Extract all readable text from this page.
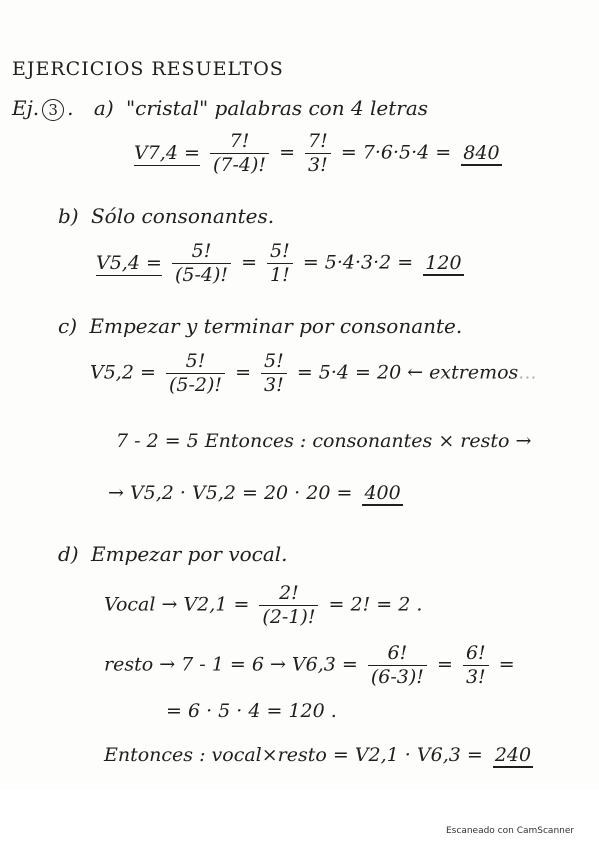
EJERCICIOS RESUELTOS
Ej. 3 . a) "cristal" palabras con 4 letras
$V7,4 = \frac{7!}{(7-4)!} = \frac{7!}{3!} = 7\cdot 6\cdot 5\cdot 4 = 840$
b) Sólo consonantes.
$V5,4 = \frac{5!}{(5-4)!} = \frac{5!}{1!} = 5\cdot 4\cdot 3\cdot 2 = 120$
c) Empezar y terminar por consonante.
$V5,2 = \frac{5!}{(5-2)!} = \frac{5!}{3!} = 5\cdot 4 = 20$ ← extremos...
7 - 2 = 5 Entonces : consonantes × resto →
→ V5,2 · V5,2 = 20 · 20 = 400
d) Empezar por vocal.
Vocal → $V2,1 = \frac{2!}{(2-1)!} = 2$! = 2 .
resto → $7 - 1 = 6 \to V6,3 = \frac{6!}{(6-3)!} = \frac{6!}{3!}$ =
= 6 · 5 · 4 = 120 .
Entonces : vocal×resto = V2,1 · V6,3 = 240
Escaneado con CamScanner
